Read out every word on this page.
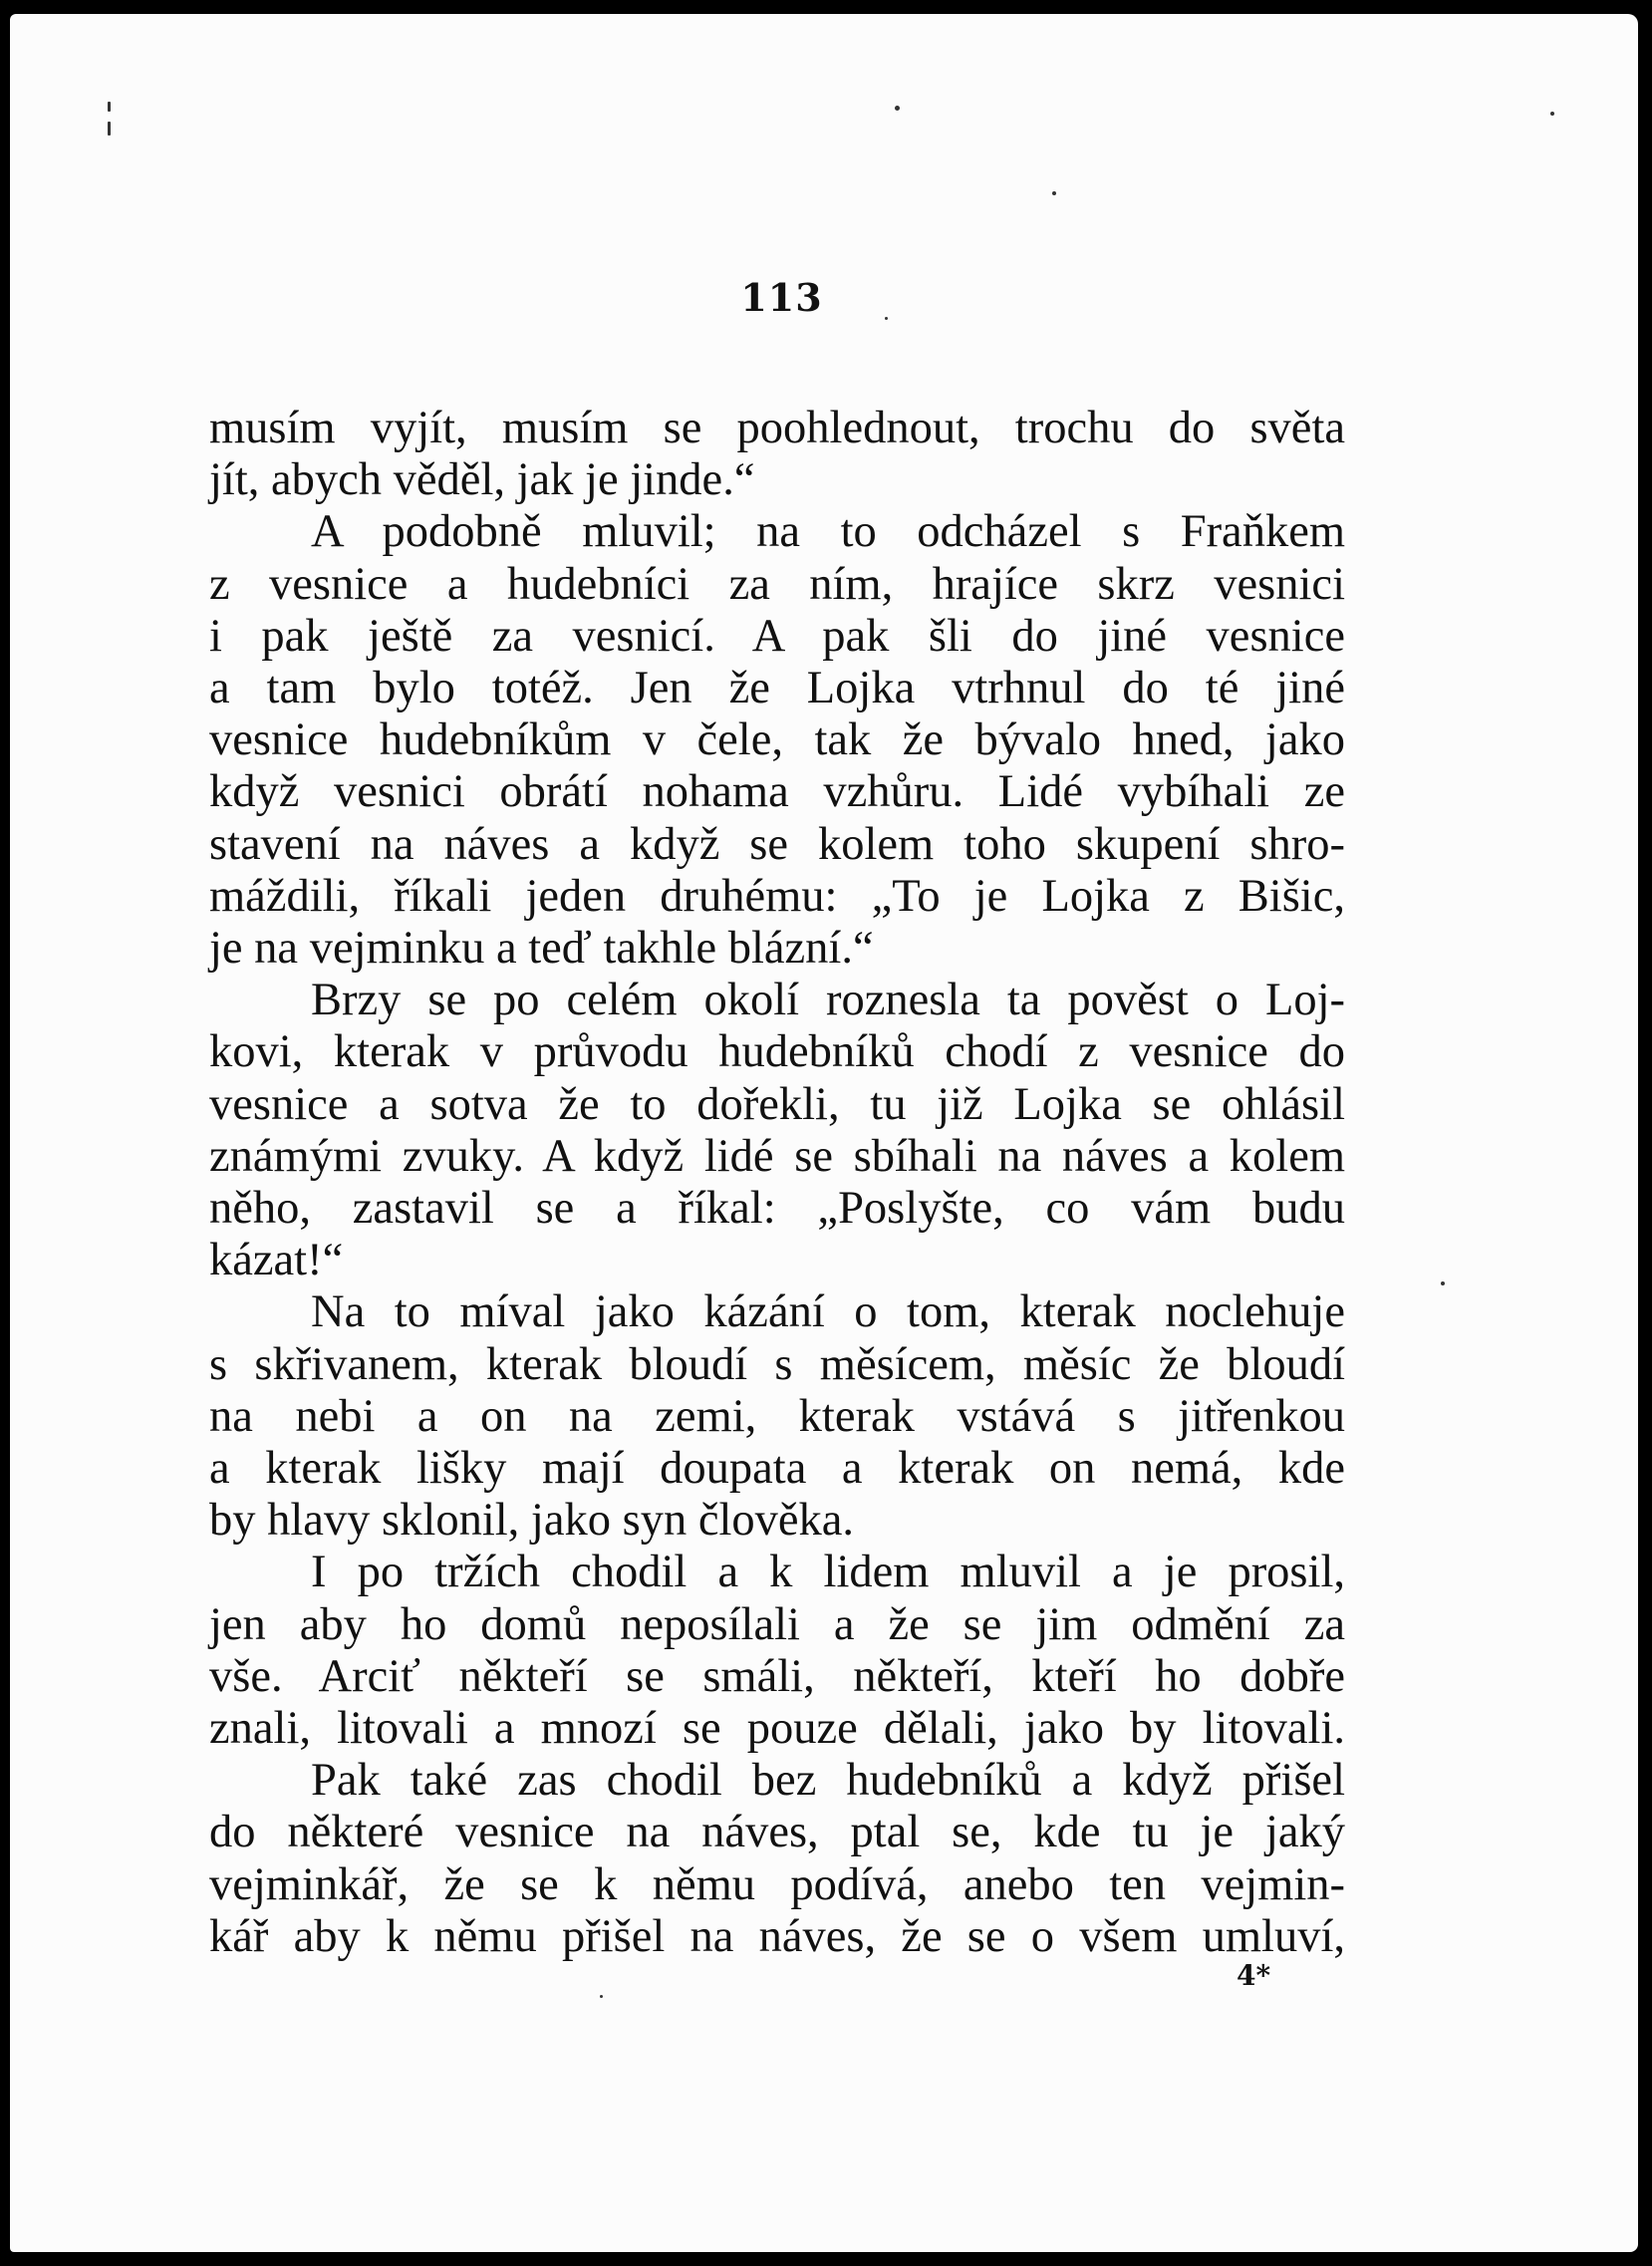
113
musím vyjít, musím se poohlednout, trochu do světa
jít, abych věděl, jak je jinde.“
A podobně mluvil; na to odcházel s Fraňkem
z vesnice a hudebníci za ním, hrajíce skrz vesnici
i pak ještě za vesnicí. A pak šli do jiné vesnice
a tam bylo totéž. Jen že Lojka vtrhnul do té jiné
vesnice hudebníkům v čele, tak že bývalo hned, jako
když vesnici obrátí nohama vzhůru. Lidé vybíhali ze
stavení na náves a když se kolem toho skupení shro-
máždili, říkali jeden druhému: „To je Lojka z Bišic,
je na vejminku a teď takhle blázní.“
Brzy se po celém okolí roznesla ta pověst o Loj-
kovi, kterak v průvodu hudebníků chodí z vesnice do
vesnice a sotva že to dořekli, tu již Lojka se ohlásil
známými zvuky. A když lidé se sbíhali na náves a kolem
něho, zastavil se a říkal: „Poslyšte, co vám budu
kázat!“
Na to míval jako kázání o tom, kterak noclehuje
s skřivanem, kterak bloudí s měsícem, měsíc že bloudí
na nebi a on na zemi, kterak vstává s jitřenkou
a kterak lišky mají doupata a kterak on nemá, kde
by hlavy sklonil, jako syn člověka.
I po tržích chodil a k lidem mluvil a je prosil,
jen aby ho domů neposílali a že se jim odmění za
vše. Arciť někteří se smáli, někteří, kteří ho dobře
znali, litovali a mnozí se pouze dělali, jako by litovali.
Pak také zas chodil bez hudebníků a když přišel
do některé vesnice na náves, ptal se, kde tu je jaký
vejminkář, že se k němu podívá, anebo ten vejmin-
kář aby k němu přišel na náves, že se o všem umluví,
4*
